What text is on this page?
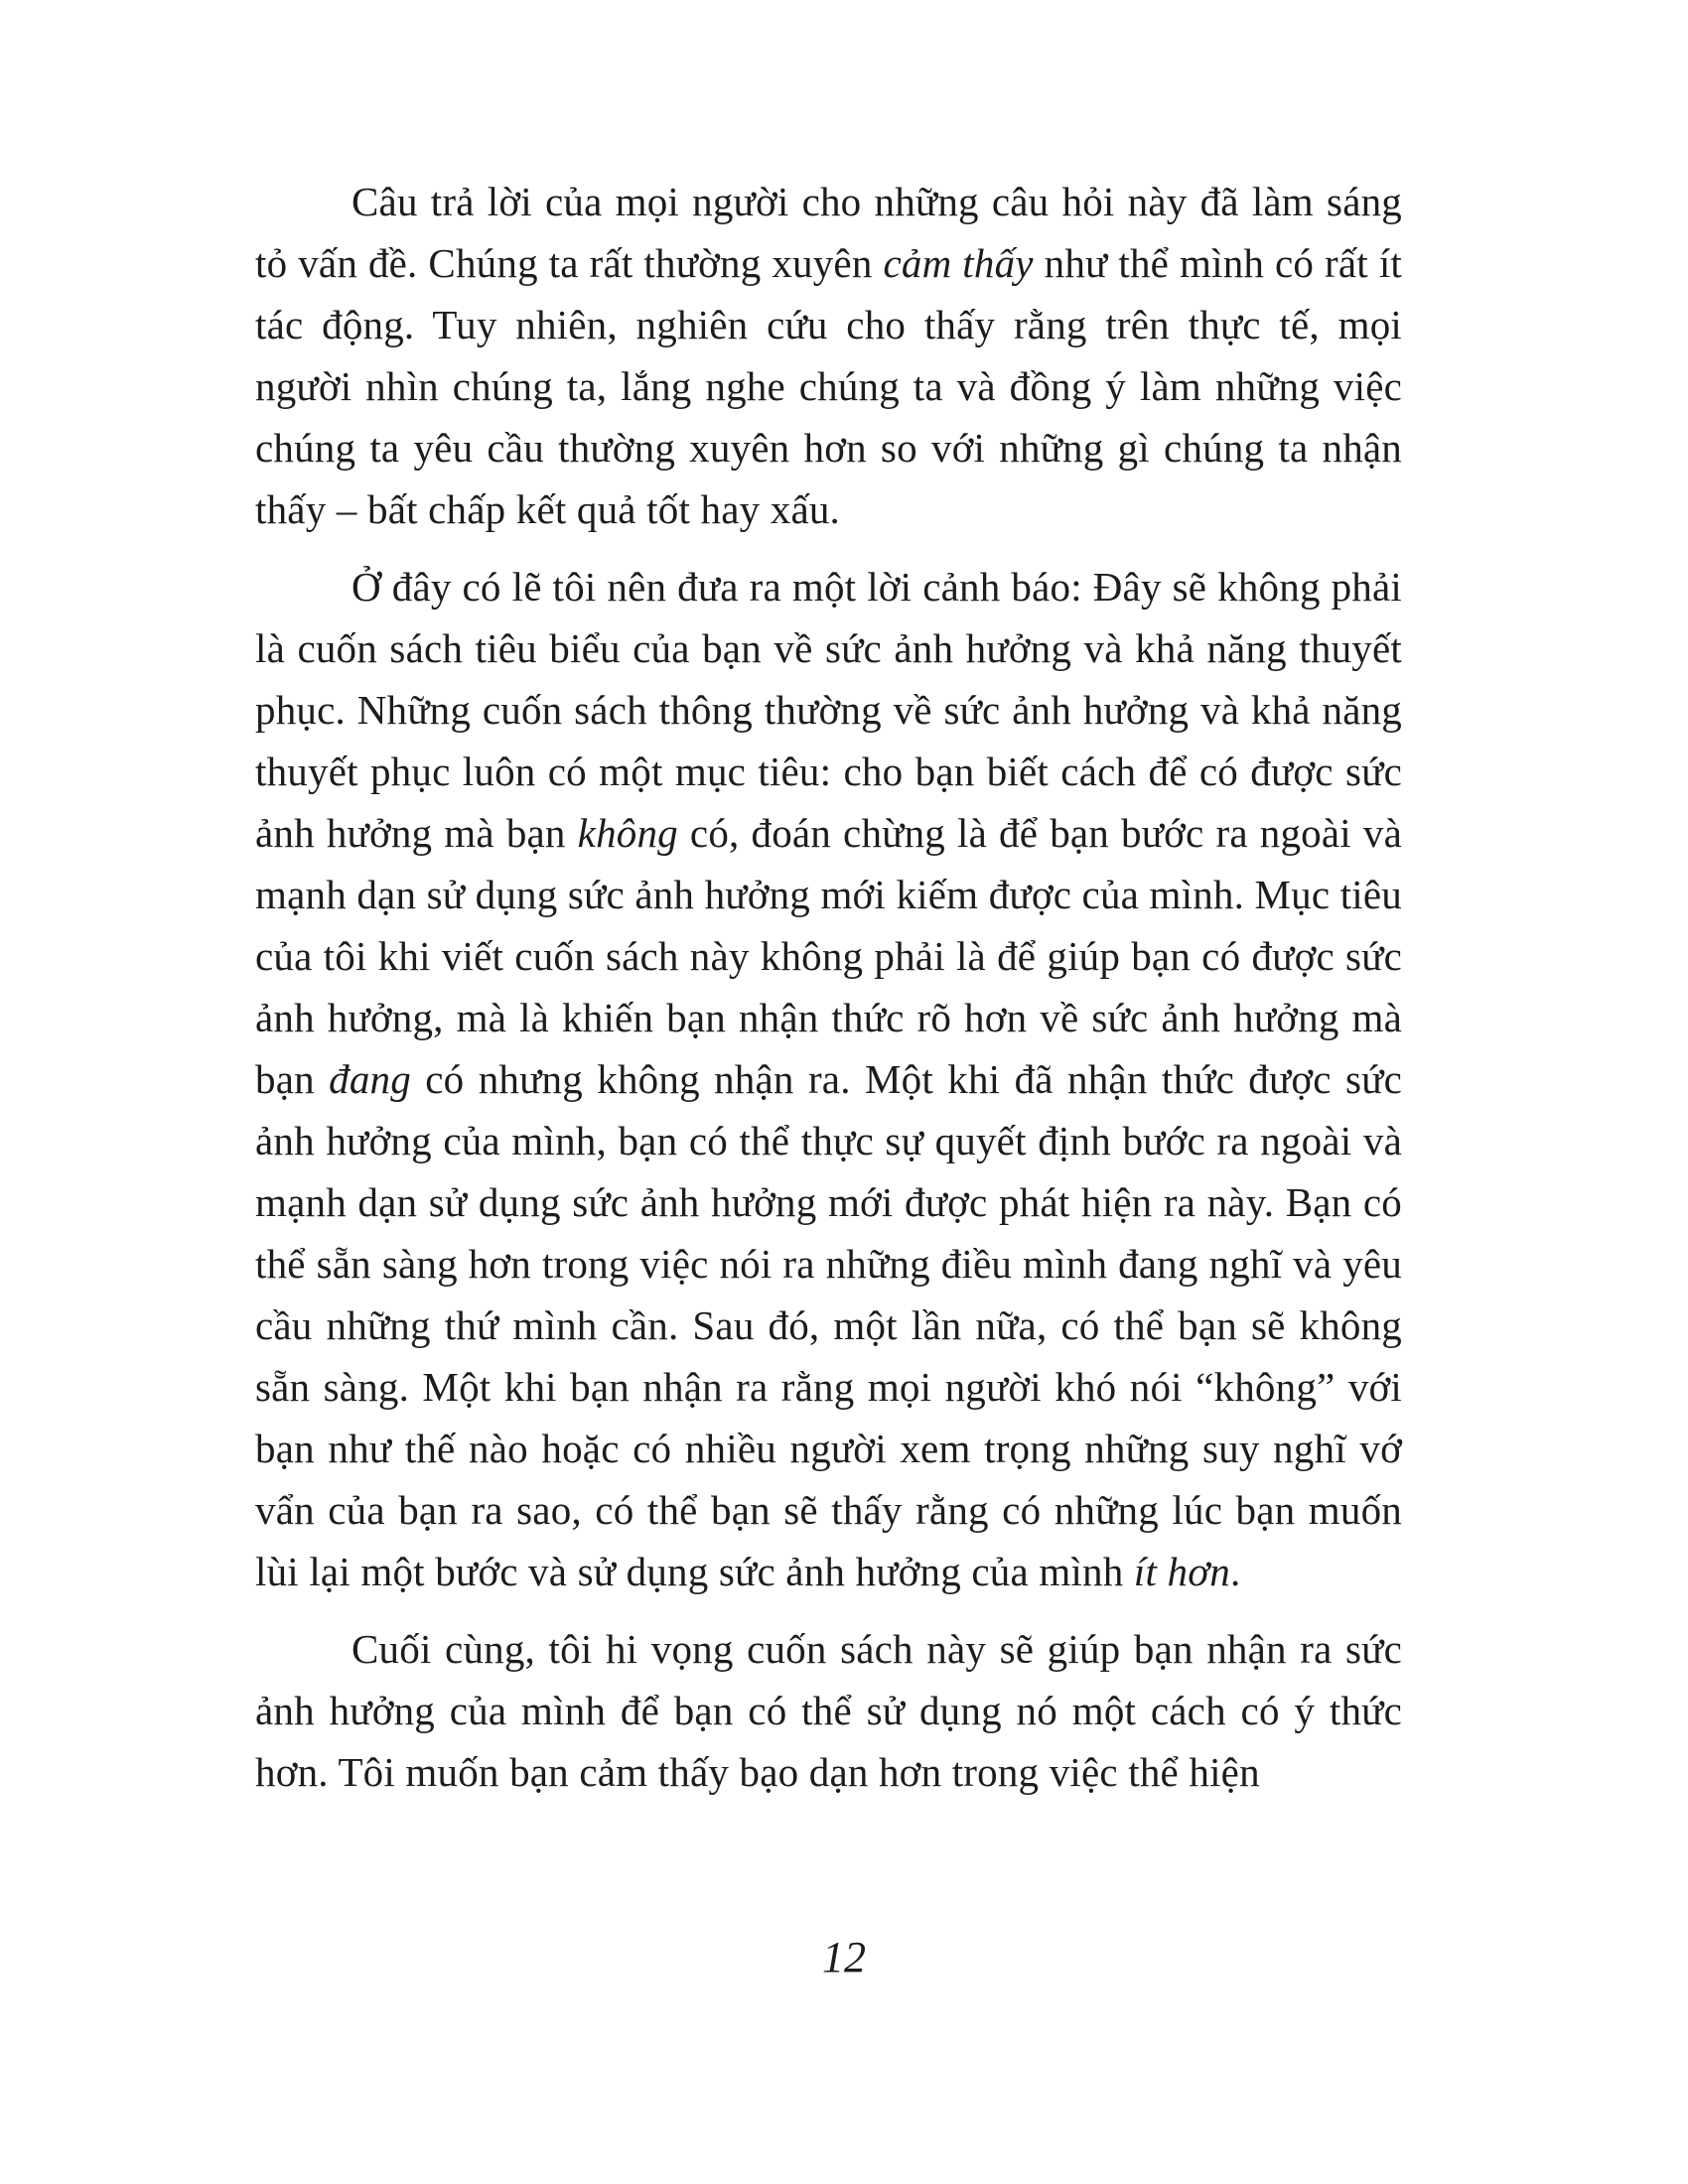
Câu trả lời của mọi người cho những câu hỏi này đã làm sáng tỏ vấn đề. Chúng ta rất thường xuyên cảm thấy như thể mình có rất ít tác động. Tuy nhiên, nghiên cứu cho thấy rằng trên thực tế, mọi người nhìn chúng ta, lắng nghe chúng ta và đồng ý làm những việc chúng ta yêu cầu thường xuyên hơn so với những gì chúng ta nhận thấy – bất chấp kết quả tốt hay xấu.

Ở đây có lẽ tôi nên đưa ra một lời cảnh báo: Đây sẽ không phải là cuốn sách tiêu biểu của bạn về sức ảnh hưởng và khả năng thuyết phục. Những cuốn sách thông thường về sức ảnh hưởng và khả năng thuyết phục luôn có một mục tiêu: cho bạn biết cách để có được sức ảnh hưởng mà bạn không có, đoán chừng là để bạn bước ra ngoài và mạnh dạn sử dụng sức ảnh hưởng mới kiếm được của mình. Mục tiêu của tôi khi viết cuốn sách này không phải là để giúp bạn có được sức ảnh hưởng, mà là khiến bạn nhận thức rõ hơn về sức ảnh hưởng mà bạn đang có nhưng không nhận ra. Một khi đã nhận thức được sức ảnh hưởng của mình, bạn có thể thực sự quyết định bước ra ngoài và mạnh dạn sử dụng sức ảnh hưởng mới được phát hiện ra này. Bạn có thể sẵn sàng hơn trong việc nói ra những điều mình đang nghĩ và yêu cầu những thứ mình cần. Sau đó, một lần nữa, có thể bạn sẽ không sẵn sàng. Một khi bạn nhận ra rằng mọi người khó nói “không” với bạn như thế nào hoặc có nhiều người xem trọng những suy nghĩ vớ vẩn của bạn ra sao, có thể bạn sẽ thấy rằng có những lúc bạn muốn lùi lại một bước và sử dụng sức ảnh hưởng của mình ít hơn.

Cuối cùng, tôi hi vọng cuốn sách này sẽ giúp bạn nhận ra sức ảnh hưởng của mình để bạn có thể sử dụng nó một cách có ý thức hơn. Tôi muốn bạn cảm thấy bạo dạn hơn trong việc thể hiện

12
